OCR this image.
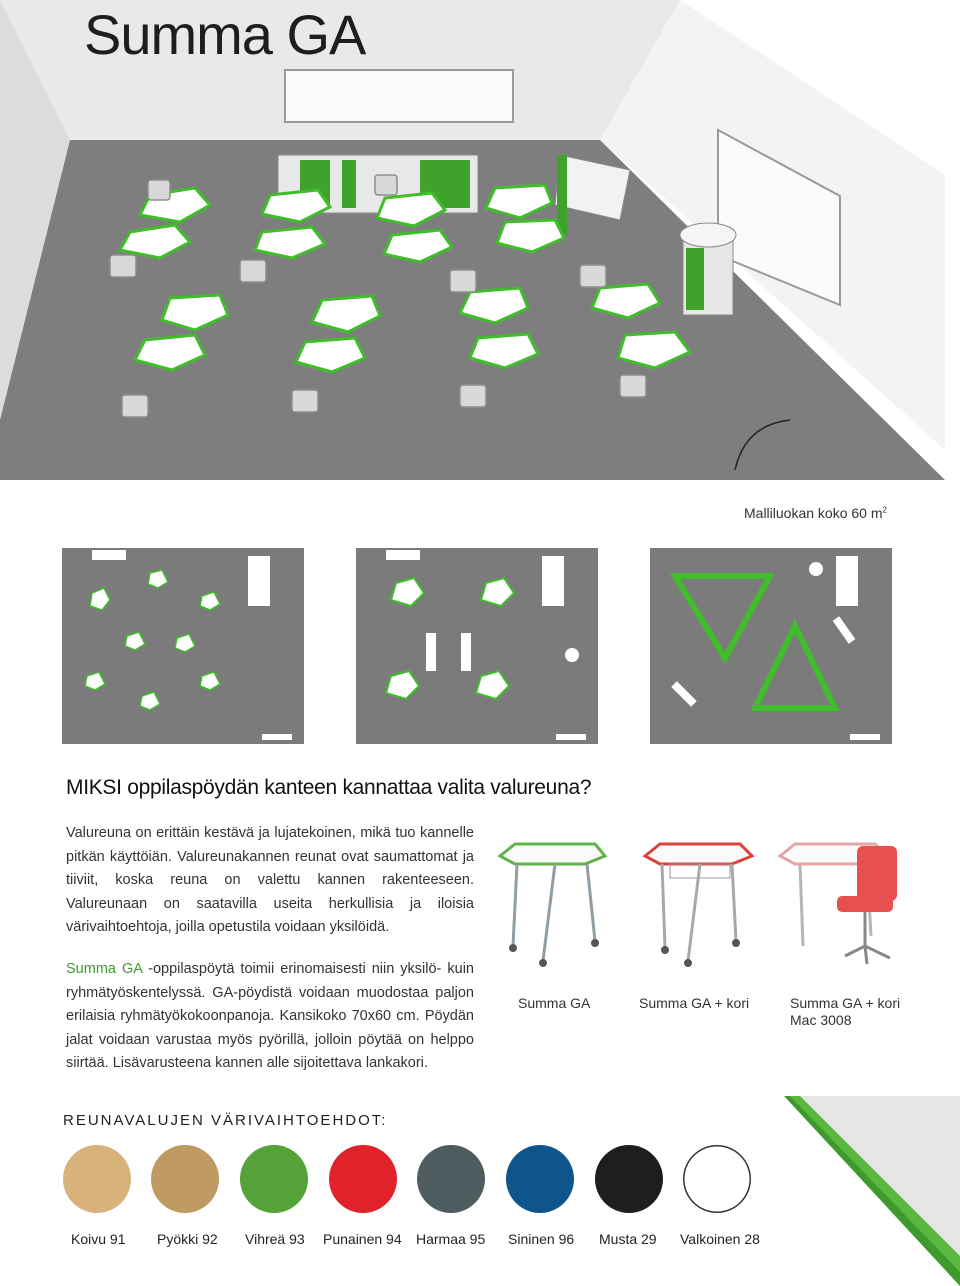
Summa GA
Malliluokan koko 60 $m^2$
MIKSI oppilaspöydän kanteen kannattaa valita valureuna?

Valureuna on erittäin kestävä ja lujatekoinen, mikä tuo kannelle pitkän käyttöiän. Valureunakannen reunat ovat saumattomat ja tiiviit, koska reuna on valettu kannen rakenteeseen. Valureunaan on saatavilla useita herkullisia ja iloisia värivaihtoehtoja, joilla opetustila voidaan yksilöidä.

Summa GA -oppilaspöytä toimii erinomaisesti niin yksilö- kuin ryhmätyöskentelyssä. GA-pöydistä voidaan muodostaa paljon erilaisia ryhmätyökokoonpanoja. Kansikoko 70x60 cm. Pöydän jalat voidaan varustaa myös pyörillä, jolloin pöytää on helppo siirtää. Lisävarusteena kannen alle sijoitettava lankakori.

Summa GA	Summa GA + kori	Summa GA + kori Mac 3008
REUNAVALUJEN VÄRIVAIHTOEHDOT:
Koivu 91 Pyökki 92 Vihreä 93 Punainen 94 Harmaa 95 Sininen 96 Musta 29 Valkoinen 28
